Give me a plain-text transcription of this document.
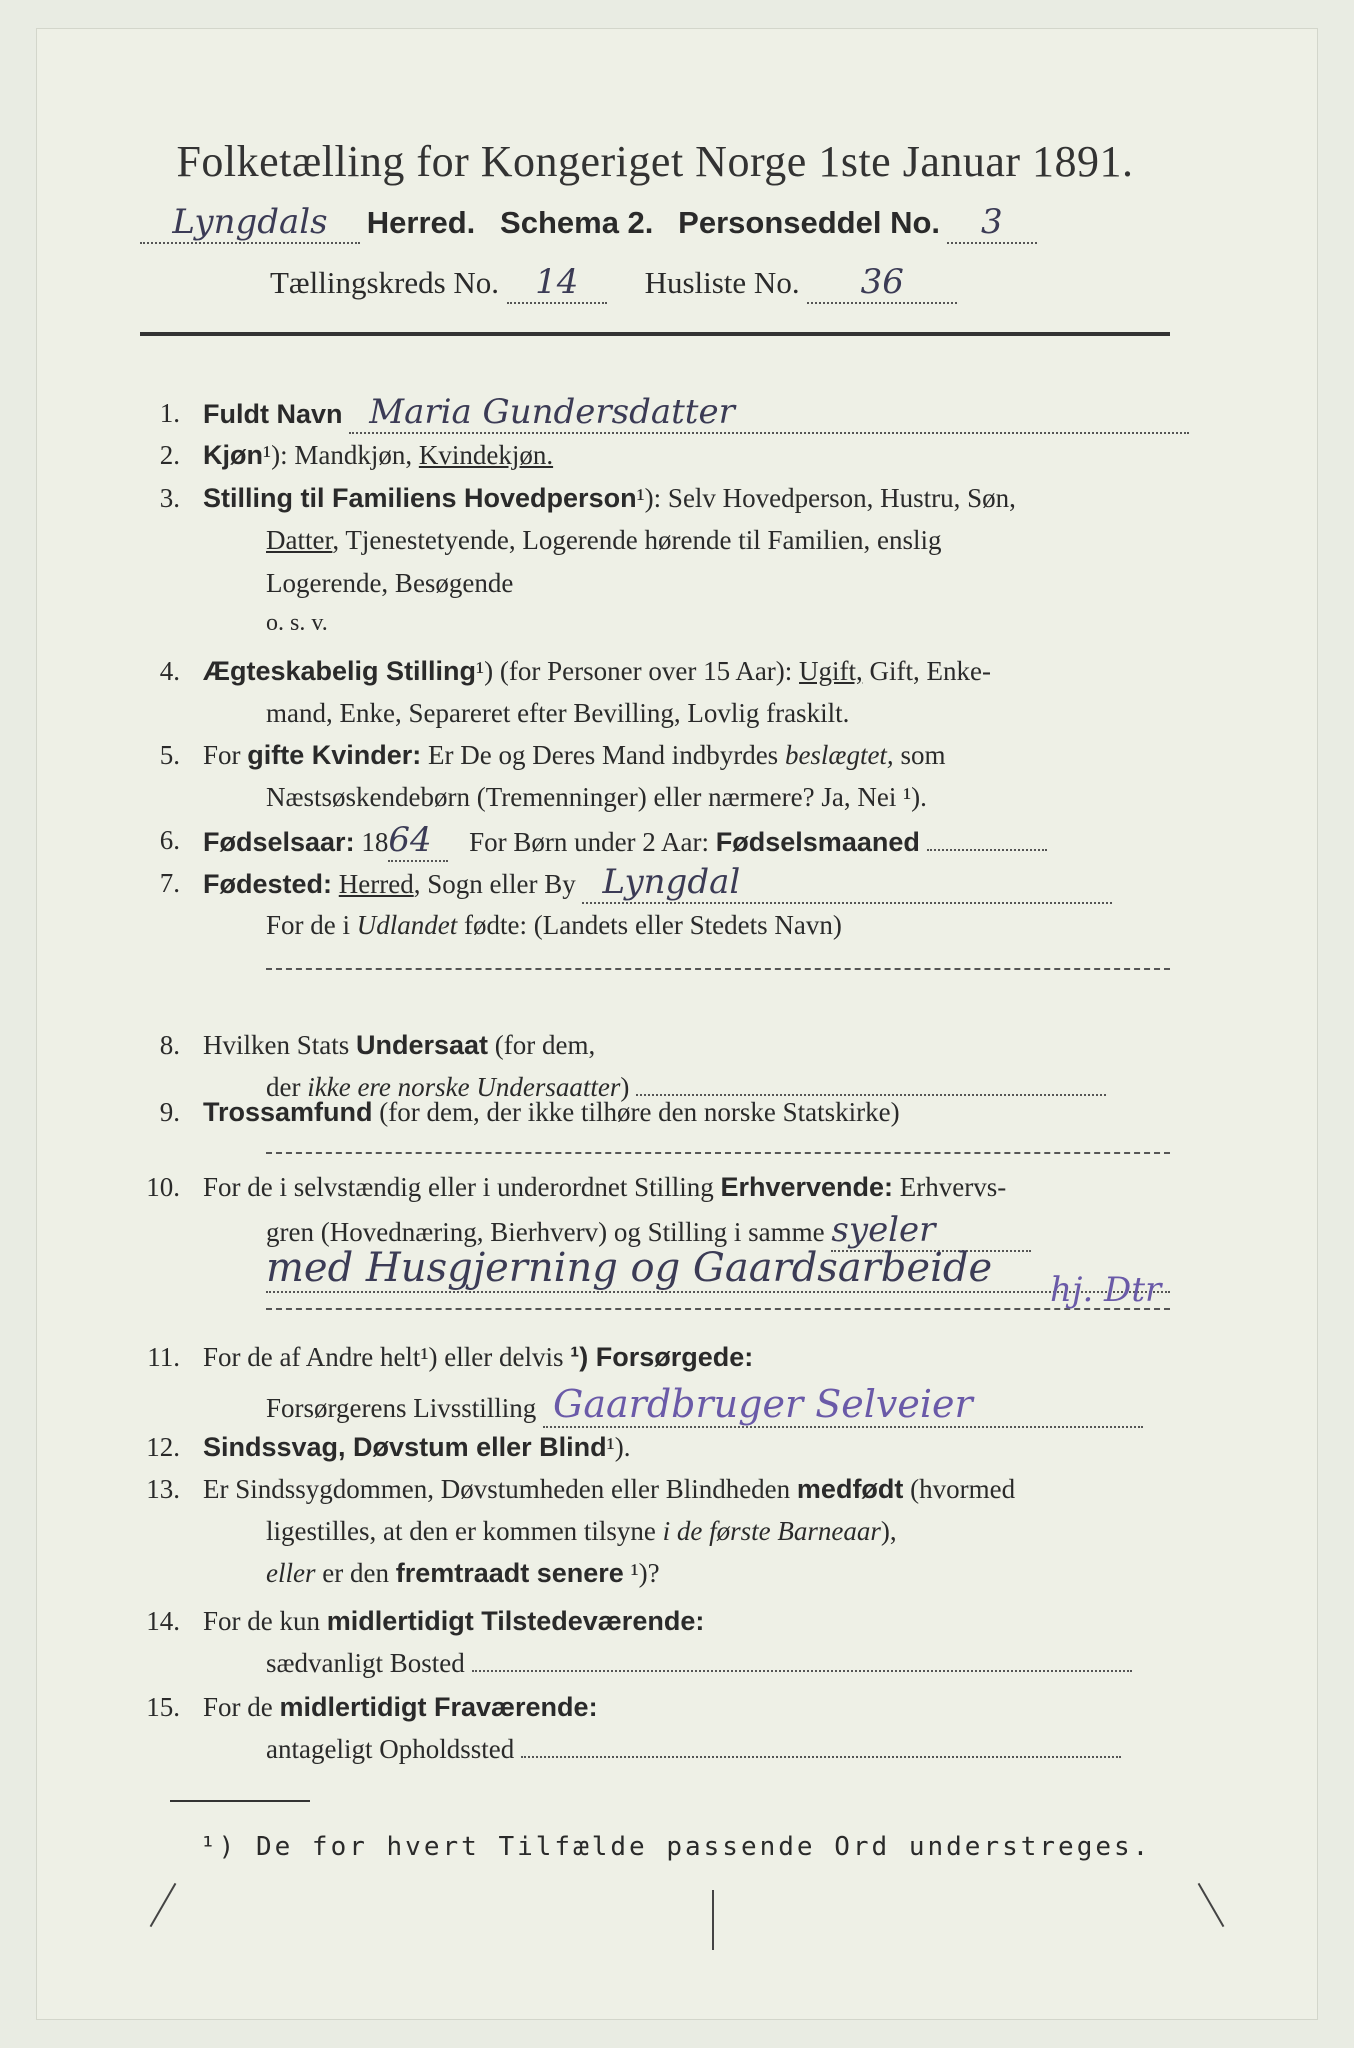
Folketælling for Kongeriget Norge 1ste Januar 1891.
Lyngdals Herred. Schema 2. Personseddel No. 3
Tællingskreds No. 14 Husliste No. 36
1. Fuldt Navn Maria Gundersdatter
2. Kjøn¹): Mandkjøn, Kvindekjøn.
3. Stilling til Familiens Hovedperson¹): Selv Hovedperson, Hustru, Søn,
Datter, Tjenestetyende, Logerende hørende til Familien, enslig
Logerende, Besøgende
o. s. v.
4. Ægteskabelig Stilling¹) (for Personer over 15 Aar): Ugift, Gift, Enke-
mand, Enke, Separeret efter Bevilling, Lovlig fraskilt.
5. For gifte Kvinder: Er De og Deres Mand indbyrdes beslægtet, som
Næstsøskendebørn (Tremenninger) eller nærmere? Ja, Nei ¹).
6. Fødselsaar: 1864 For Børn under 2 Aar: Fødselsmaaned
7. Fødested: Herred, Sogn eller By Lyngdal
For de i Udlandet fødte: (Landets eller Stedets Navn)
8. Hvilken Stats Undersaat (for dem,
der ikke ere norske Undersaatter)
9. Trossamfund (for dem, der ikke tilhøre den norske Statskirke)
10. For de i selvstændig eller i underordnet Stilling Erhvervende: Erhvervs-
gren (Hovednæring, Bierhverv) og Stilling i samme syeler
med Husgjerning og Gaardsarbeide	hj. Dtr
11. For de af Andre helt¹) eller delvis ¹) Forsørgede:
Forsørgerens Livsstilling Gaardbruger Selveier
12. Sindssvag, Døvstum eller Blind¹).
13. Er Sindssygdommen, Døvstumheden eller Blindheden medfødt (hvormed
ligestilles, at den er kommen tilsyne i de første Barneaar),
eller er den fremtraadt senere ¹)?
14. For de kun midlertidigt Tilstedeværende:
sædvanligt Bosted
15. For de midlertidigt Fraværende:
antageligt Opholdssted
¹) De for hvert Tilfælde passende Ord understreges.
